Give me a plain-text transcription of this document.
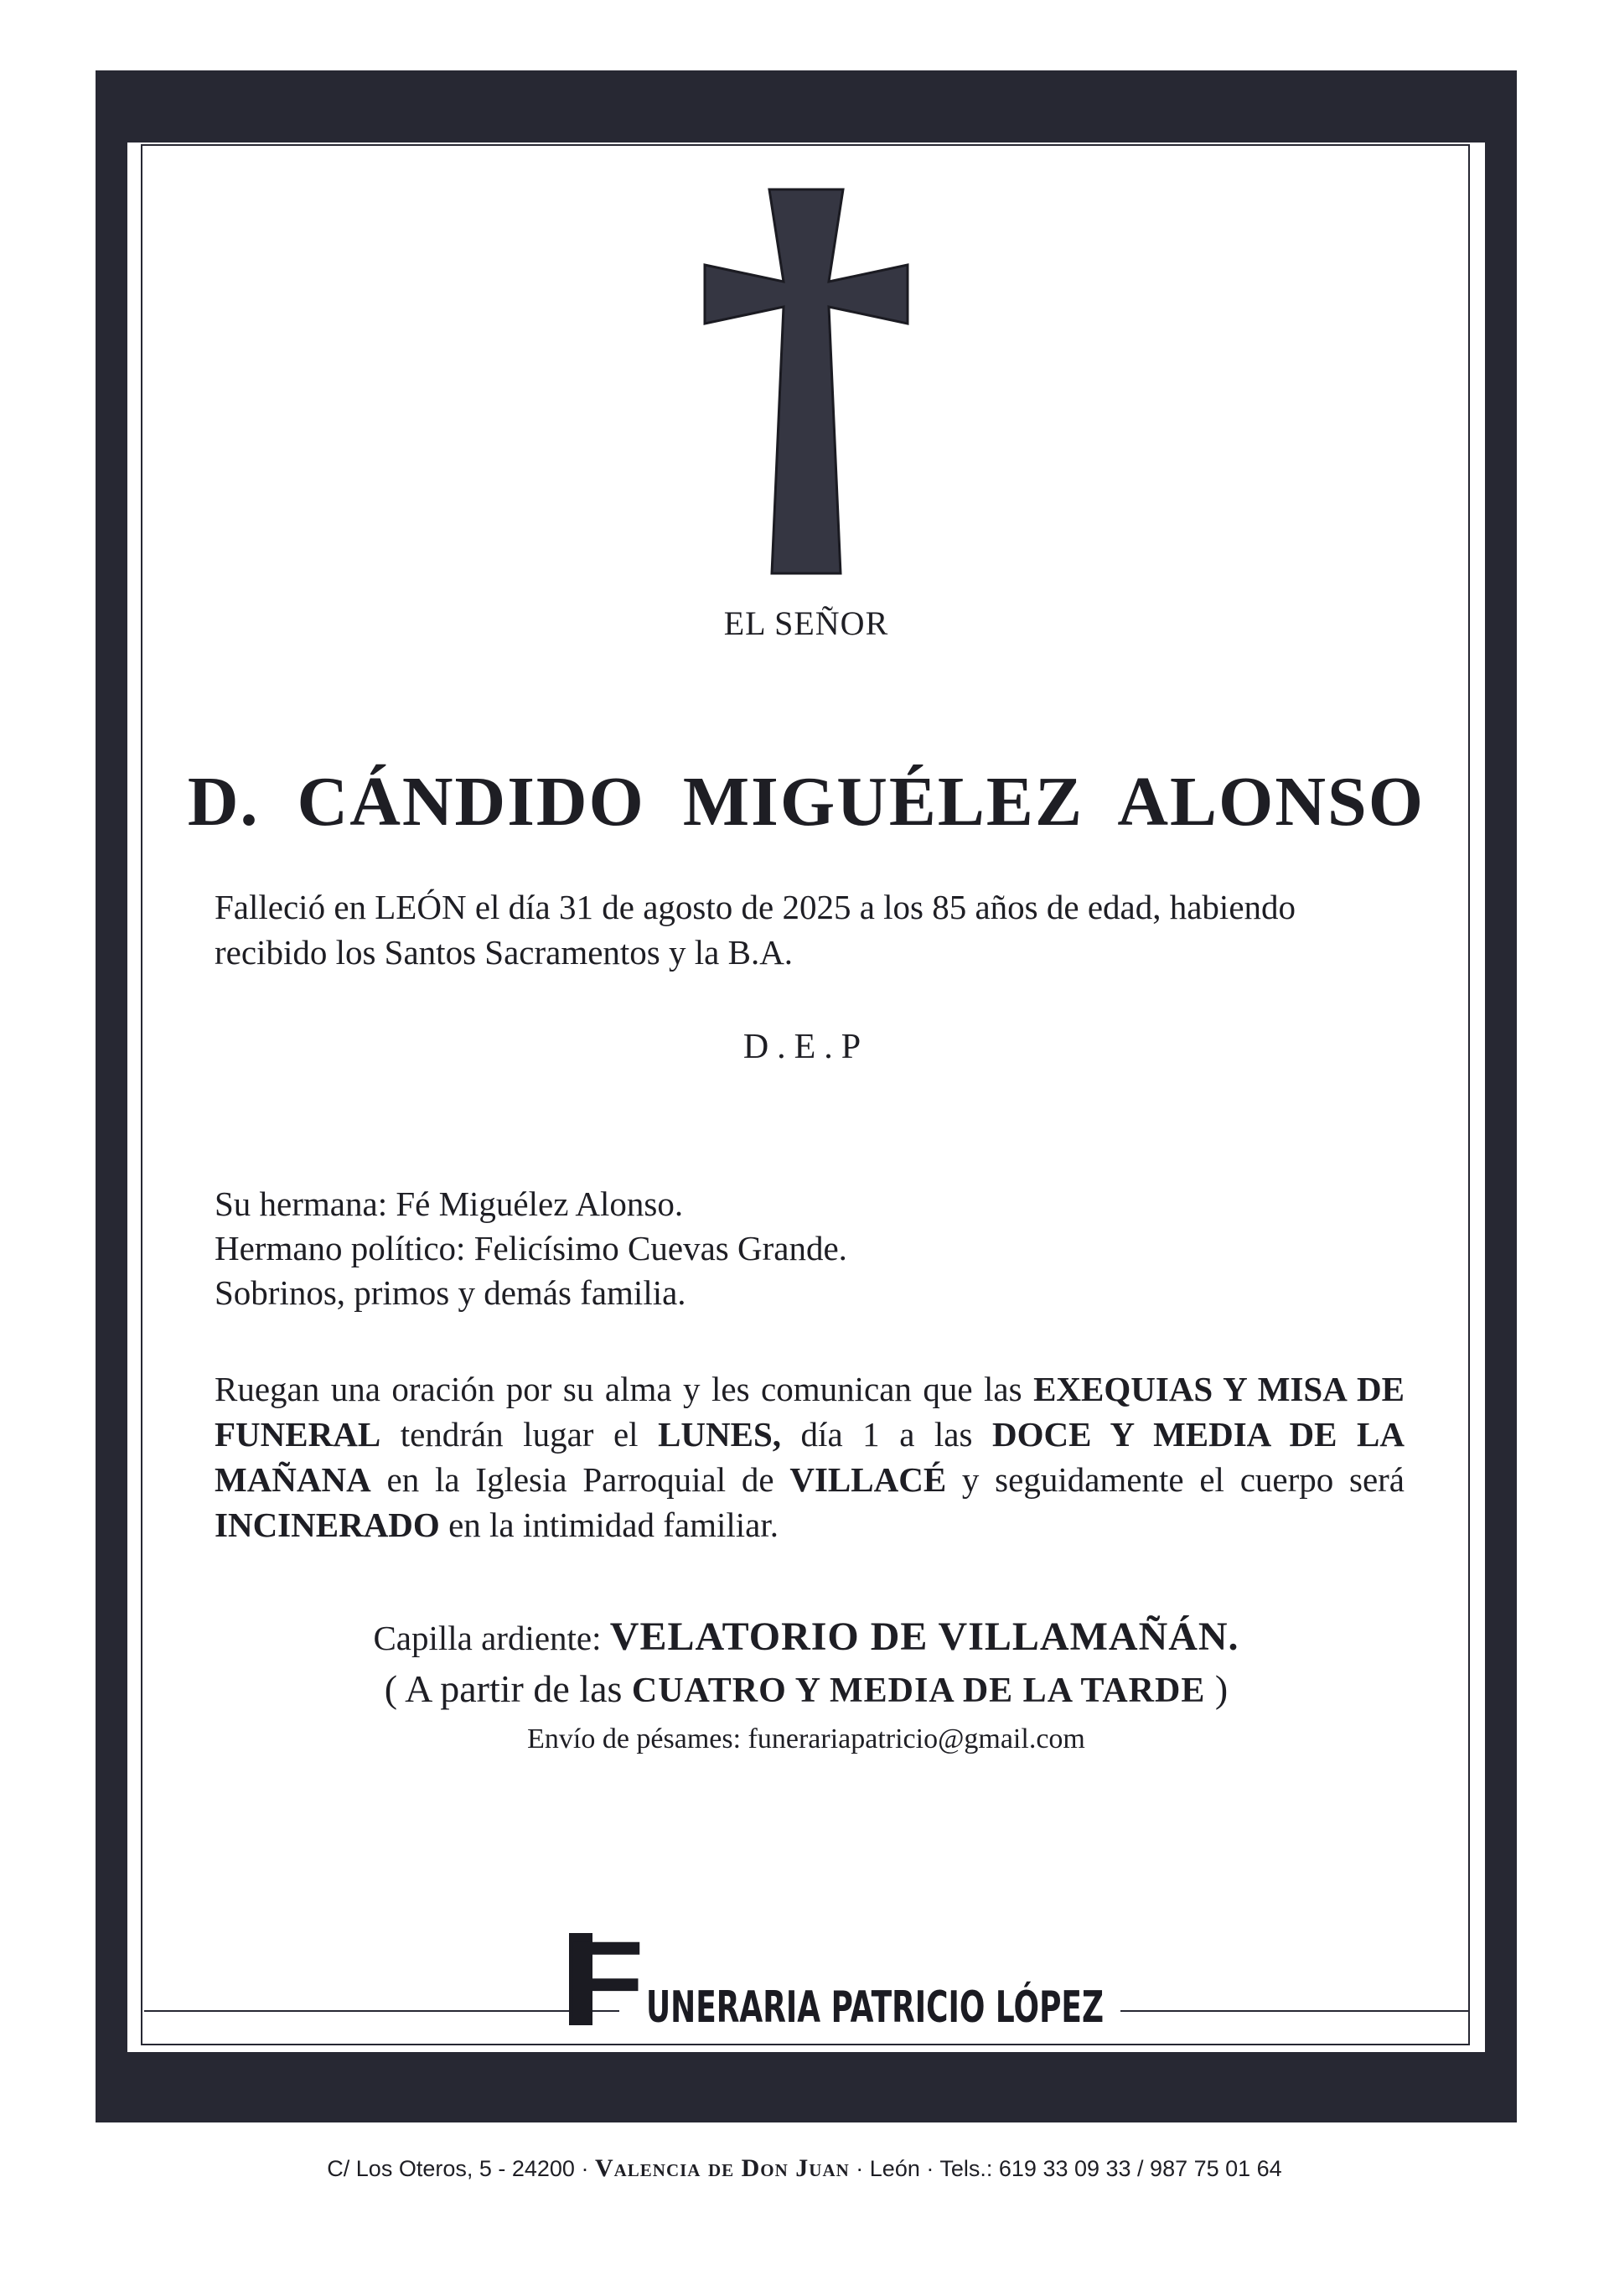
EL SEÑOR
D. CÁNDIDO MIGUÉLEZ ALONSO
Falleció en LEÓN el día 31 de agosto de 2025 a los 85 años de edad, habiendo
recibido los Santos Sacramentos y la B.A.
D.E.P
Su hermana: Fé Miguélez Alonso.
Hermano político: Felicísimo Cuevas Grande.
Sobrinos, primos y demás familia.
Ruegan una oración por su alma y les comunican que las EXEQUIAS Y MISA DE FUNERAL tendrán lugar el LUNES, día 1 a las DOCE Y MEDIA DE LA MAÑANA en la Iglesia Parroquial de VILLACÉ y seguidamente el cuerpo será INCINERADO en la intimidad familiar.
Capilla ardiente: VELATORIO DE VILLAMAÑÁN.
( A partir de las CUATRO Y MEDIA DE LA TARDE )
Envío de pésames: funerariapatricio@gmail.com
F UNERARIA PATRICIO LÓPEZ
C/ Los Oteros, 5 - 24200 · Valencia de Don Juan · León · Tels.: 619 33 09 33 / 987 75 01 64
